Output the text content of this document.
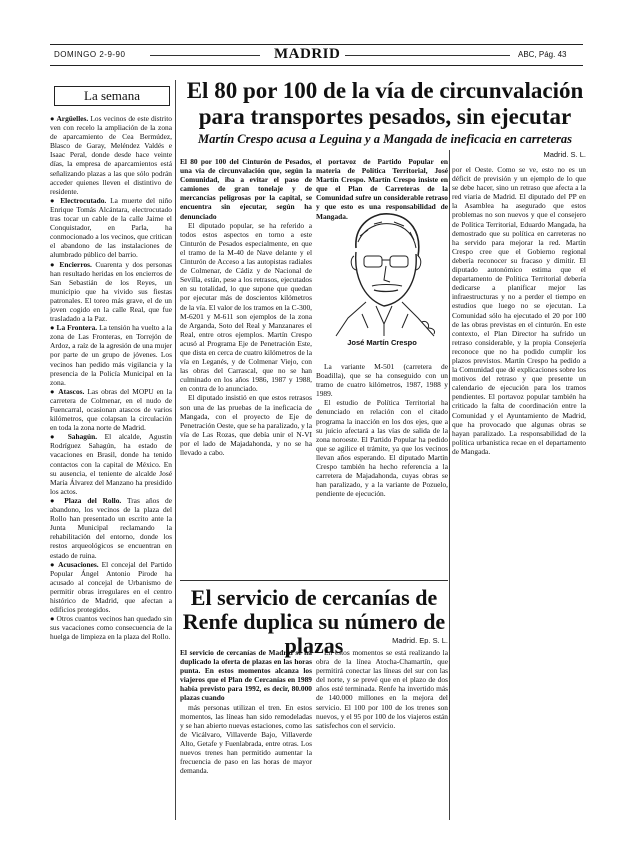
DOMINGO 2-9-90	MADRID	ABC, Pág. 43
La semana

● Argüelles. Los vecinos de este distrito ven con recelo la ampliación de la zona de aparcamiento de Cea Bermúdez, Blasco de Garay, Meléndez Valdés e Isaac Peral, donde desde hace veinte días, la empresa de aparcamientos está señalizando plazas a las que sólo podrán acceder quienes lleven el distintivo de residente.

● Electrocutado. La muerte del niño Enrique Tomás Alcántara, electrocutado tras tocar un cable de la calle Jaime el Conquistador, en Parla, ha conmocionado a los vecinos, que critican el abandono de las instalaciones de alumbrado público del barrio.

● Encierros. Cuarenta y dos personas han resultado heridas en los encierros de San Sebastián de los Reyes, un municipio que ha vivido sus fiestas patronales. El toreo más grave, el de un joven cogido en la calle Real, que fue trasladado a la Paz.

● La Frontera. La tensión ha vuelto a la zona de Las Fronteras, en Torrejón de Ardoz, a raíz de la agresión de una mujer por parte de un grupo de jóvenes. Los vecinos han pedido más vigilancia y la presencia de la Policía Municipal en la zona.

● Atascos. Las obras del MOPU en la carretera de Colmenar, en el nudo de Fuencarral, ocasionan atascos de varios kilómetros, que colapsan la circulación en toda la zona norte de Madrid.

● Sahagún. El alcalde, Agustín Rodríguez Sahagún, ha estado de vacaciones en Brasil, donde ha tenido contactos con la capital de México. En su ausencia, el teniente de alcalde José María Álvarez del Manzano ha presidido los actos.

● Plaza del Rollo. Tras años de abandono, los vecinos de la plaza del Rollo han presentado un escrito ante la Junta Municipal reclamando la rehabilitación del entorno, donde los restos arqueológicos se encuentran en estado de ruina.

● Acusaciones. El concejal del Partido Popular Ángel Antonio Pirode ha acusado al concejal de Urbanismo de permitir obras irregulares en el centro histórico de Madrid, que afectan a edificios protegidos.

● Otros cuantos vecinos han quedado sin sus vacaciones como consecuencia de la huelga de limpieza en la plaza del Rollo.

El 80 por 100 de la vía de circunvalación para transportes pesados, sin ejecutar
Martín Crespo acusa a Leguina y a Mangada de ineficacia en carreteras
Madrid. S. L.

El 80 por 100 del Cinturón de Pesados, una vía de circunvalación que, según la Comunidad, iba a evitar el paso de camiones de gran tonelaje y de mercancías peligrosas por la capital, se encuentra sin ejecutar, según ha denunciado

El diputado popular, se ha referido a todos estos aspectos en torno a este Cinturón de Pesados especialmente, en que el tramo de la M-40 de Nave delante y el Cinturón de Acceso a las autopistas radiales de Colmenar, de Cádiz y de Nacional de Sevilla, están, pese a los retrasos, ejecutados en su totalidad, lo que supone que quedan por ejecutar más de doscientos kilómetros de la vía. El valor de los tramos en la C-300, M-6201 y M-611 son ejemplos de la zona de Arganda, Soto del Real y Manzanares el Real, entre otros ejemplos. Martín Crespo acusó al Programa Eje de Penetración Este, que dista en cerca de cuatro kilómetros de la vía en Leganés, y de Colmenar Viejo, con las obras del Carrascal, que no se han culminado en los años 1986, 1987 y 1988, en contra de lo anunciado.

El diputado insistió en que estos retrasos son una de las pruebas de la ineficacia de Mangada, con el proyecto de Eje de Penetración Oeste, que se ha paralizado, y la vía de Las Rozas, que debía unir el N-VI por el lado de Majadahonda, y no se ha llevado a cabo.

el portavoz de Partido Popular en materia de Política Territorial, José Martín Crespo. Martín Crespo insiste en que el Plan de Carreteras de la Comunidad sufre un considerable retraso y que esto es una responsabilidad de Mangada.

José Martín Crespo

La variante M-501 (carretera de Boadilla), que se ha conseguido con un tramo de cuatro kilómetros, 1987, 1988 y 1989.

El estudio de Política Territorial ha denunciado en relación con el citado programa la inacción en los dos ejes, que a su juicio afectará a las vías de salida de la zona noroeste. El Partido Popular ha pedido que se agilice el trámite, ya que los vecinos llevan años esperando. El diputado Martín Crespo también ha hecho referencia a la carretera de Majadahonda, cuyas obras se han paralizado, y a la variante de Pozuelo, pendiente de ejecución.

por el Oeste. Como se ve, esto no es un déficit de previsión y un ejemplo de lo que se debe hacer, sino un retraso que afecta a la red viaria de Madrid. El diputado del PP en la Asamblea ha asegurado que estos problemas no son nuevos y que el consejero de Política Territorial, Eduardo Mangada, ha demostrado que su política en carreteras no ha servido para mejorar la red. Martín Crespo cree que el Gobierno regional debería reconocer su fracaso y dimitir. El diputado autonómico estima que el departamento de Política Territorial debería dedicarse a planificar mejor las infraestructuras y no a perder el tiempo en estudios que luego no se ejecutan. La Comunidad sólo ha ejecutado el 20 por 100 de las obras previstas en el cinturón. En este contexto, el Plan Director ha sufrido un retraso considerable, y la propia Consejería reconoce que no ha podido cumplir los plazos previstos. Martín Crespo ha pedido a la Comunidad que dé explicaciones sobre los motivos del retraso y que presente un calendario de ejecución para los tramos pendientes. El portavoz popular también ha criticado la falta de coordinación entre la Comunidad y el Ayuntamiento de Madrid, que ha provocado que algunas obras se hayan paralizado. La responsabilidad de la política urbanística recae en el departamento de Mangada.

El servicio de cercanías de Renfe duplica su número de plazas	Madrid. Ep. S. L.

El servicio de cercanías de Madrid se ha duplicado la oferta de plazas en las horas punta. En estos momentos alcanza los viajeros que el Plan de Cercanías en 1989 había previsto para 1992, es decir, 80.000 plazas cuando

más personas utilizan el tren. En estos momentos, las líneas han sido remodeladas y se han abierto nuevas estaciones, como las de Vicálvaro, Villaverde Bajo, Villaverde Alto, Getafe y Fuenlabrada, entre otras. Los nuevos trenes han permitido aumentar la frecuencia de paso en las horas de mayor demanda.

En estos momentos se está realizando la obra de la línea Atocha-Chamartín, que permitirá conectar las líneas del sur con las del norte, y se prevé que en el plazo de dos años esté terminada. Renfe ha invertido más de 140.000 millones en la mejora del servicio. El 100 por 100 de los trenes son nuevos, y el 95 por 100 de los viajeros están satisfechos con el servicio.
